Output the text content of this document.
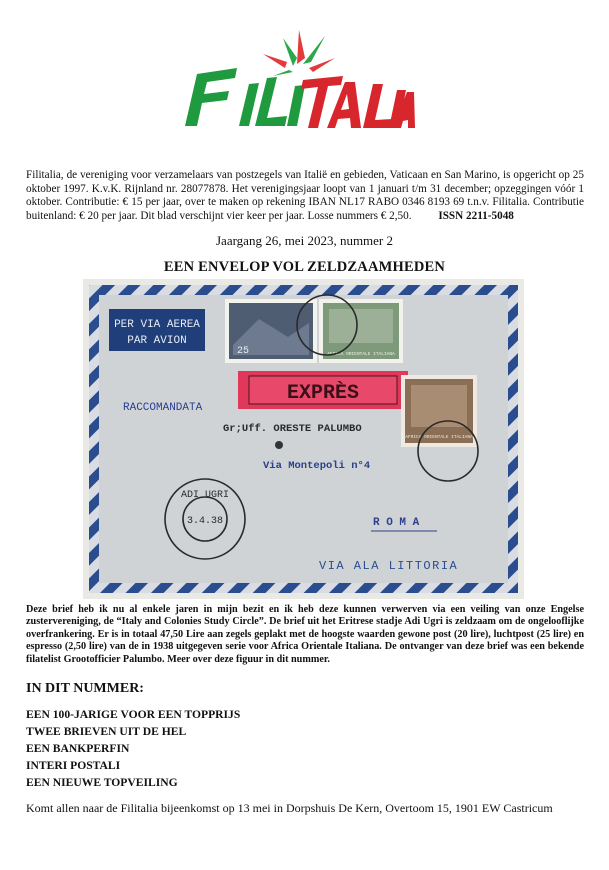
FILITALIA
Filitalia, de vereniging voor verzamelaars van postzegels van Italië en gebieden, Vaticaan en San Marino, is opgericht op 25 oktober 1997. K.v.K. Rijnland nr. 28077878. Het verenigingsjaar loopt van 1 januari t/m 31 december; opzeggingen vóór 1 oktober. Contributie: € 15 per jaar, over te maken op rekening IBAN NL17 RABO 0346 8193 69 t.n.v. Filitalia. Contributie buitenland: € 20 per jaar. Dit blad verschijnt vier keer per jaar. Losse nummers € 2,50. ISSN 2211-5048
Jaargang 26, mei 2023, nummer 2
EEN ENVELOP VOL ZELDZAAMHEDEN
PER VIA AEREA
PAR AVION
RACCOMANDATA
EXPRÈS
25	AFRICA ORIENTALE ITALIANA
AFRICA ORIENTALE ITALIANA
ADI UGRI
3.4.38
Gr;Uff. ORESTE PALUMBO
Via Montepoli n°4
R O M A
VIA ALA LITTORIA
Deze brief heb ik nu al enkele jaren in mijn bezit en ik heb deze kunnen verwerven via een veiling van onze Engelse zustervereniging, de “Italy and Colonies Study Circle”. De brief uit het Eritrese stadje Adi Ugri is zeldzaam om de ongelooflijke overfrankering. Er is in totaal 47,50 Lire aan zegels geplakt met de hoogste waarden gewone post (20 lire), luchtpost (25 lire) en espresso (2,50 lire) van de in 1938 uitgegeven serie voor Africa Orientale Italiana. De ontvanger van deze brief was een bekende filatelist Grootofficier Palumbo. Meer over deze figuur in dit nummer.
IN DIT NUMMER:
EEN 100-JARIGE VOOR EEN TOPPRIJS
TWEE BRIEVEN UIT DE HEL
EEN BANKPERFIN
INTERI POSTALI
EEN NIEUWE TOPVEILING
Komt allen naar de Filitalia bijeenkomst op 13 mei in Dorpshuis De Kern, Overtoom 15, 1901 EW Castricum
